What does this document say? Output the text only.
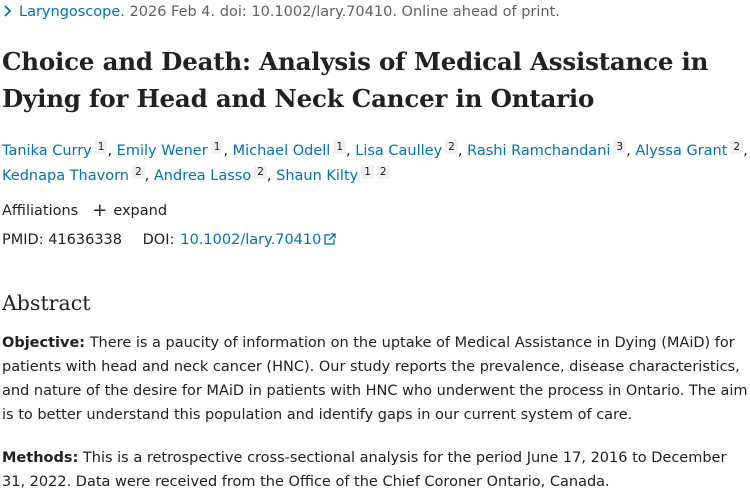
Laryngoscope. 2026 Feb 4. doi: 10.1002/lary.70410. Online ahead of print.
Choice and Death: Analysis of Medical Assistance in Dying for Head and Neck Cancer in Ontario
Tanika Curry $^1$ , Emily Wener $^1$ , Michael Odell $^1$ , Lisa Caulley $^2$ , Rashi Ramchandani $^3$ , Alyssa Grant $^2$ ,
Kednapa Thavorn $^2$ , Andrea Lasso $^2$ , Shaun Kilty $^1$ $^2$
Affiliations + expand
PMID: 41636338 DOI: 10.1002/lary.70410
Abstract

Objective: There is a paucity of information on the uptake of Medical Assistance in Dying (MAiD) for patients with head and neck cancer (HNC). Our study reports the prevalence, disease characteristics, and nature of the desire for MAiD in patients with HNC who underwent the process in Ontario. The aim is to better understand this population and identify gaps in our current system of care.

Methods: This is a retrospective cross-sectional analysis for the period June 17, 2016 to December 31, 2022. Data were received from the Office of the Chief Coroner Ontario, Canada.
